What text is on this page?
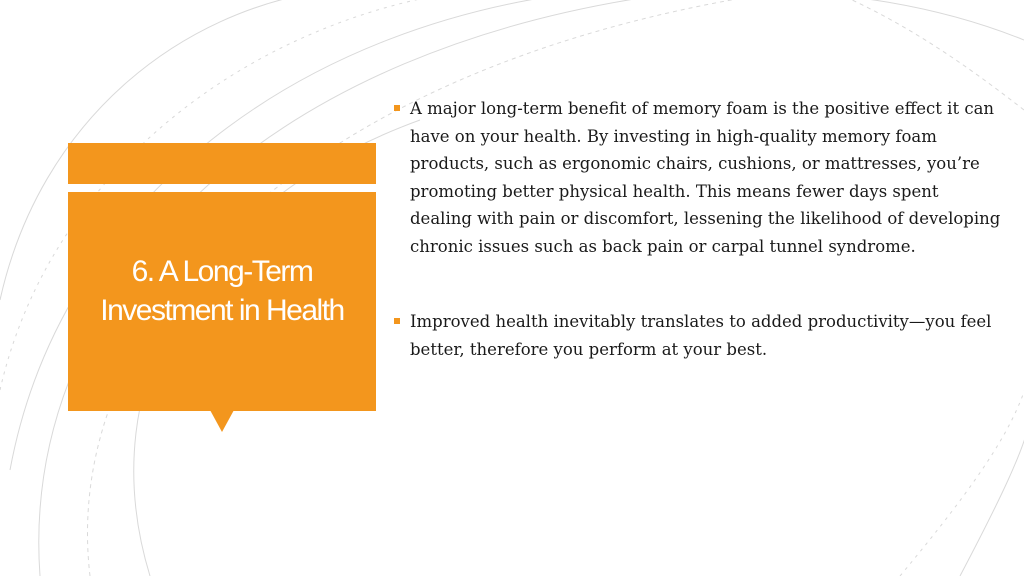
6. A Long-Term Investment in Health
A major long-term benefit of memory foam is the positive effect it can have on your health. By investing in high-quality memory foam products, such as ergonomic chairs, cushions, or mattresses, you’re promoting better physical health. This means fewer days spent dealing with pain or discomfort, lessening the likelihood of developing chronic issues such as back pain or carpal tunnel syndrome.
Improved health inevitably translates to added productivity—you feel better, therefore you perform at your best.
